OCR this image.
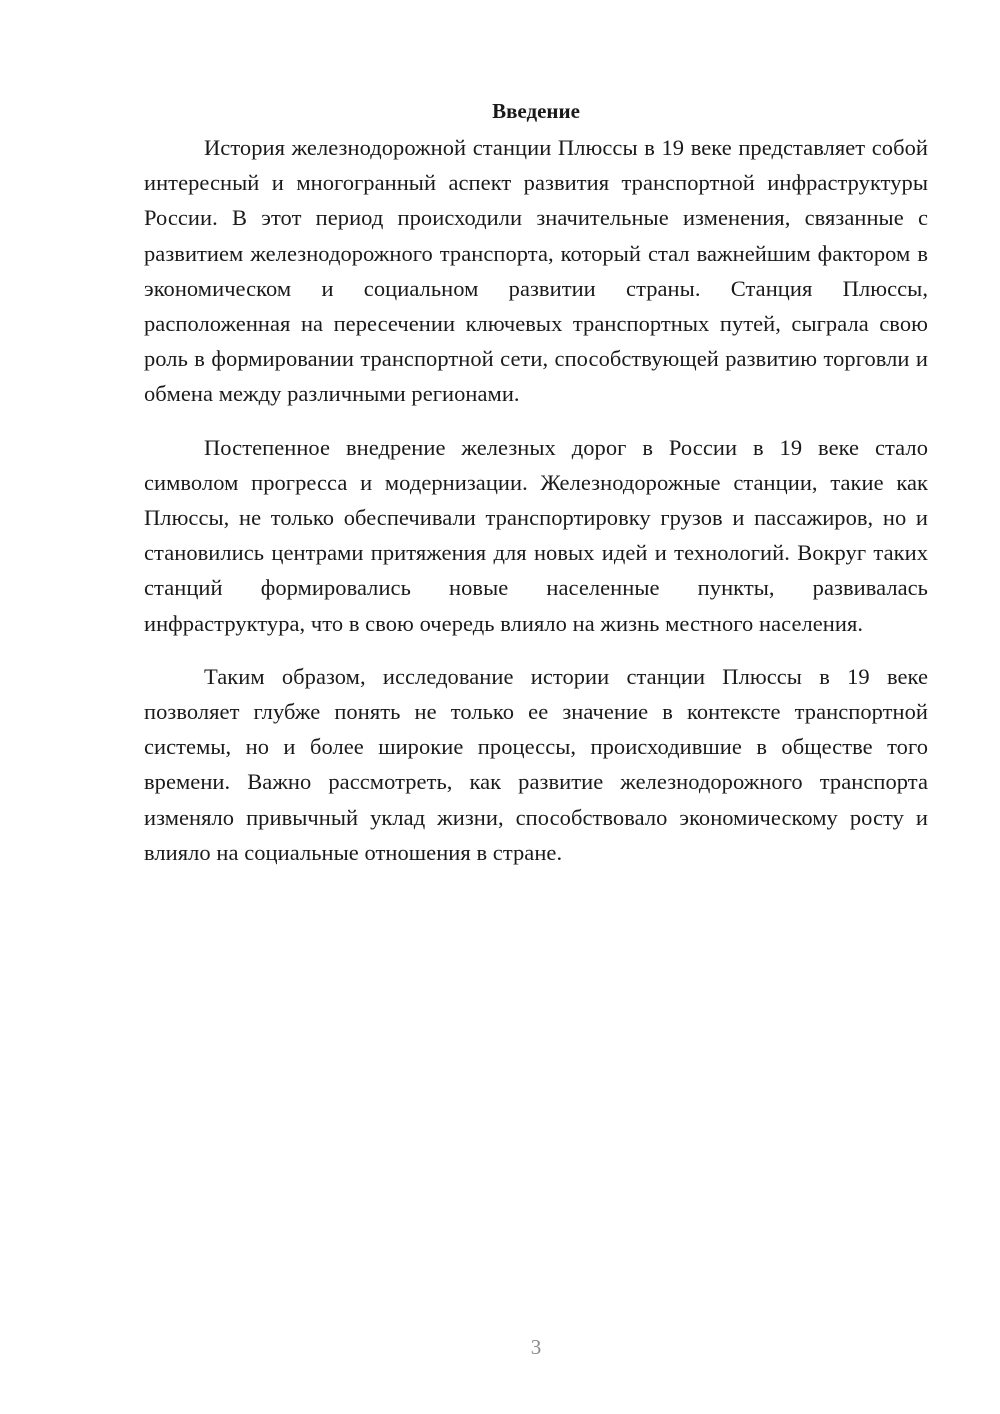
Введение

История железнодорожной станции Плюссы в 19 веке представляет собой интересный и многогранный аспект развития транспортной инфраструктуры России. В этот период происходили значительные изменения, связанные с развитием железнодорожного транспорта, который стал важнейшим фактором в экономическом и социальном развитии страны. Станция Плюссы, расположенная на пересечении ключевых транспортных путей, сыграла свою роль в формировании транспортной сети, способствующей развитию торговли и обмена между различными регионами.

Постепенное внедрение железных дорог в России в 19 веке стало символом прогресса и модернизации. Железнодорожные станции, такие как Плюссы, не только обеспечивали транспортировку грузов и пассажиров, но и становились центрами притяжения для новых идей и технологий. Вокруг таких станций формировались новые населенные пункты, развивалась инфраструктура, что в свою очередь влияло на жизнь местного населения.

Таким образом, исследование истории станции Плюссы в 19 веке позволяет глубже понять не только ее значение в контексте транспортной системы, но и более широкие процессы, происходившие в обществе того времени. Важно рассмотреть, как развитие железнодорожного транспорта изменяло привычный уклад жизни, способствовало экономическому росту и влияло на социальные отношения в стране.

3
